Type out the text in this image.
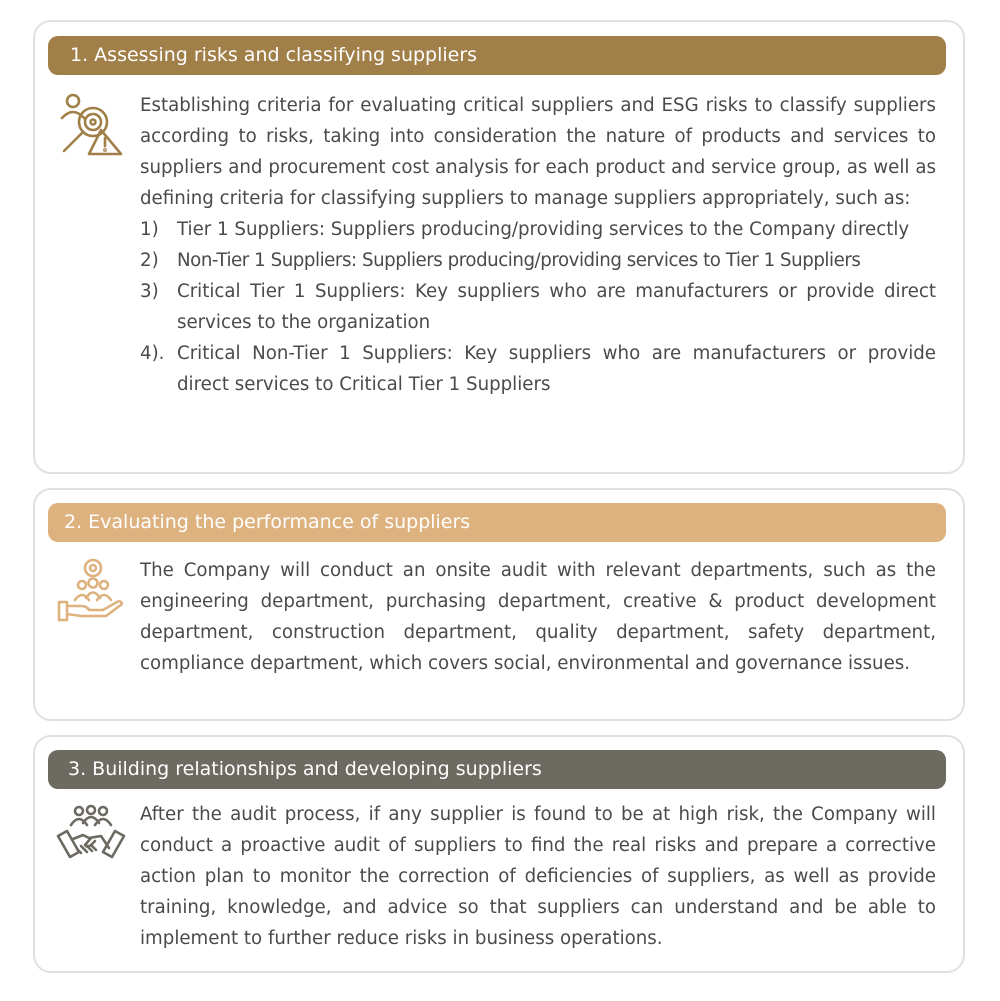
1. Assessing risks and classifying suppliers
Establishing criteria for evaluating critical suppliers and ESG risks to classify suppliers according to risks, taking into consideration the nature of products and services to suppliers and procurement cost analysis for each product and service group, as well as defining criteria for classifying suppliers to manage suppliers appropriately, such as:
1) Tier 1 Suppliers: Suppliers producing/providing services to the Company directly
2) Non-Tier 1 Suppliers: Suppliers producing/providing services to Tier 1 Suppliers
3) Critical Tier 1 Suppliers: Key suppliers who are manufacturers or provide direct services to the organization
4). Critical Non-Tier 1 Suppliers: Key suppliers who are manufacturers or provide direct services to Critical Tier 1 Suppliers
2. Evaluating the performance of suppliers
The Company will conduct an onsite audit with relevant departments, such as the engineering department, purchasing department, creative & product development department, construction department, quality department, safety department, compliance department, which covers social, environmental and governance issues.
3. Building relationships and developing suppliers
After the audit process, if any supplier is found to be at high risk, the Company will conduct a proactive audit of suppliers to find the real risks and prepare a corrective action plan to monitor the correction of deficiencies of suppliers, as well as provide training, knowledge, and advice so that suppliers can understand and be able to implement to further reduce risks in business operations.
